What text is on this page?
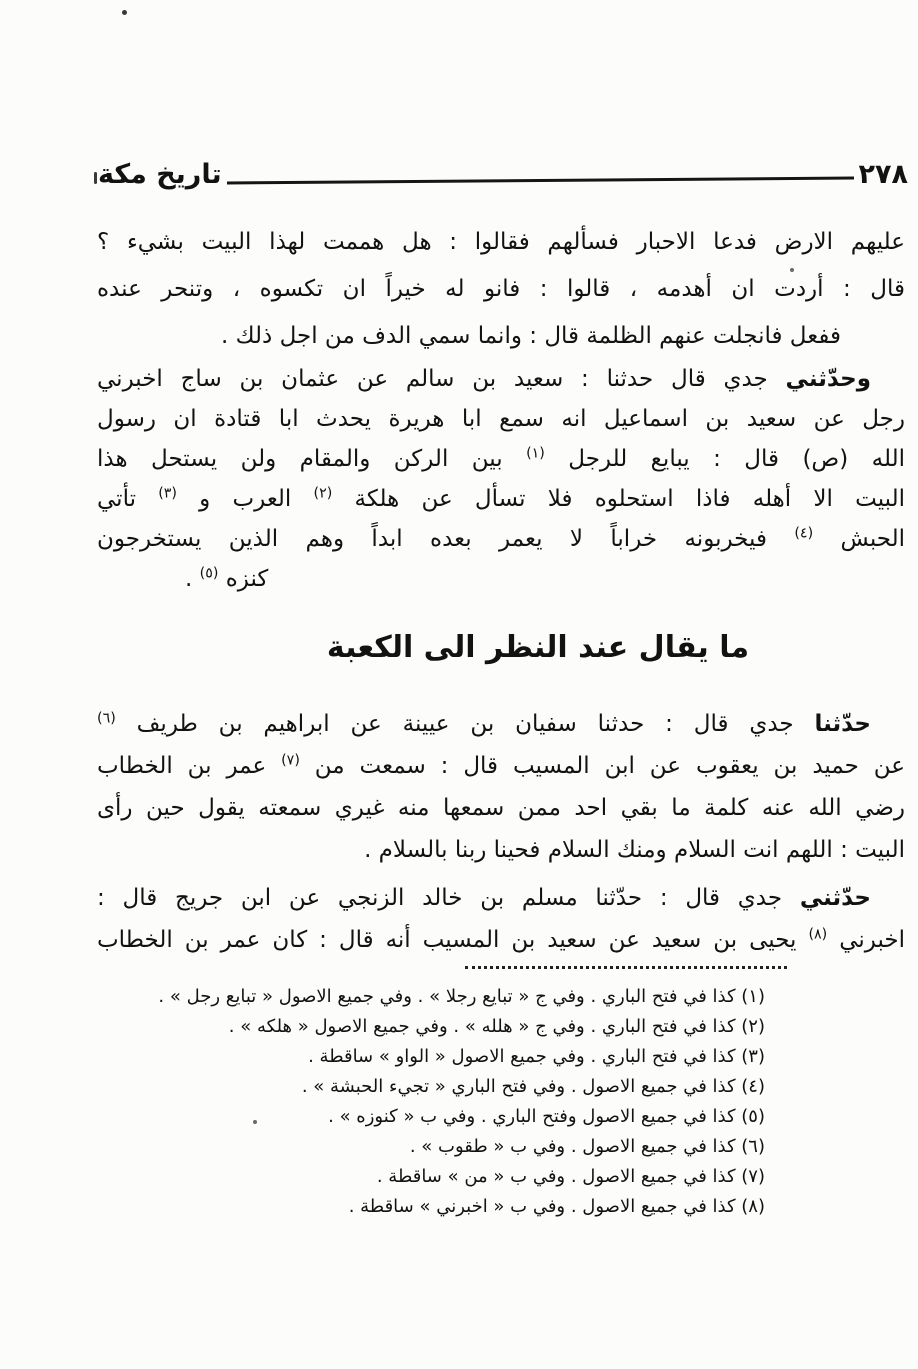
٢٧٨
تاريخ مكة
عليهم الارض فدعا الاحبار فسألهم فقالوا : هل هممت لهذا البيت بشيء ؟
قال : أردت ان أهدمه ، قالوا : فانو له خيراً ان تكسوه ، وتنحر عنده
ففعل فانجلت عنهم الظلمة قال : وانما سمي الدف من اجل ذلك .
وحدّثني جدي قال حدثنا : سعيد بن سالم عن عثمان بن ساج اخبرني
رجل عن سعيد بن اسماعيل انه سمع ابا هريرة يحدث ابا قتادة ان رسول
الله (ص) قال : يبايع للرجل $^{(١)}$ بين الركن والمقام ولن يستحل هذا
البيت الا أهله فاذا استحلوه فلا تسأل عن هلكة $^{(٢)}$ العرب و $^{(٣)}$ تأتي
الحبش $^{(٤)}$ فيخربونه خراباً لا يعمر بعده ابداً وهم الذين يستخرجون
كنزه $^{(٥)}$ .
ما يقال عند النظر الى الكعبة
حدّثنا جدي قال : حدثنا سفيان بن عيينة عن ابراهيم بن طريف $^{(٦)}$
عن حميد بن يعقوب عن ابن المسيب قال : سمعت من $^{(٧)}$ عمر بن الخطاب
رضي الله عنه كلمة ما بقي احد ممن سمعها منه غيري سمعته يقول حين رأى
البيت : اللهم انت السلام ومنك السلام فحينا ربنا بالسلام .
حدّثني جدي قال : حدّثنا مسلم بن خالد الزنجي عن ابن جريج قال :
اخبرني $^{(٨)}$ يحيى بن سعيد عن سعيد بن المسيب أنه قال : كان عمر بن الخطاب
(١) كذا في فتح الباري . وفي ج « تبايع رجلا » . وفي جميع الاصول « تبايع رجل » .
(٢) كذا في فتح الباري . وفي ج « هلله » . وفي جميع الاصول « هلكه » .
(٣) كذا في فتح الباري . وفي جميع الاصول « الواو » ساقطة .
(٤) كذا في جميع الاصول . وفي فتح الباري « تجيء الحبشة » .
(٥) كذا في جميع الاصول وفتح الباري . وفي ب « كنوزه » .
(٦) كذا في جميع الاصول . وفي ب « طقوب » .
(٧) كذا في جميع الاصول . وفي ب « من » ساقطة .
(٨) كذا في جميع الاصول . وفي ب « اخبرني » ساقطة .
